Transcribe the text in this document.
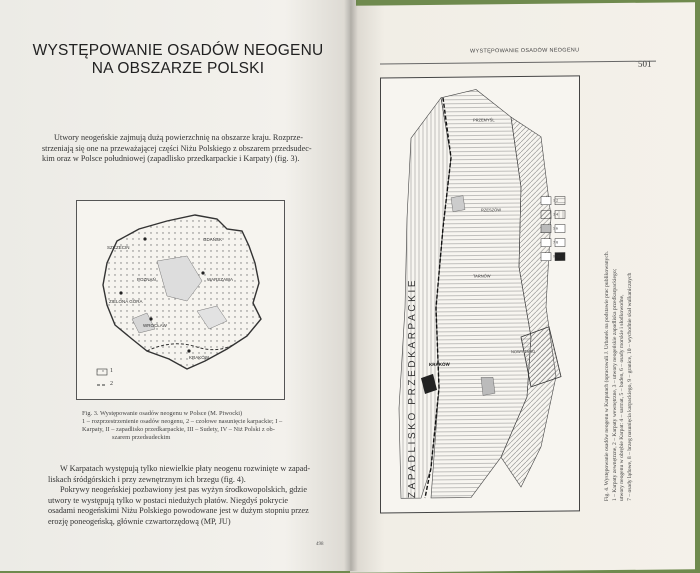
WYSTĘPOWANIE OSADÓW NEOGENU
NA OBSZARZE POLSKI
Utwory neogeńskie zajmują dużą powierzchnię na obszarze kraju. Rozprze-
strzeniają się one na przeważającej części Niżu Polskiego z obszarem przedsudec-
kim oraz w Polsce południowej (zapadlisko przedkarpackie i Karpaty) (fig. 3).
GDAŃSK
SZCZECIN
POZNAŃ	WARSZAWA
ZIELONA GÓRA
WROCŁAW
KRAKÓW
1
2
Fig. 3. Występowanie osadów neogenu w Polsce (M. Piwocki)
1 – rozprzestrzenienie osadów neogenu, 2 – czołowe nasunięcie karpackie; I –
Karpaty, II – zapadlisko przedkarpackie, III – Sudety, IV – Niż Polski z ob-
szarem przedsudeckim
W Karpatach występują tylko niewielkie płaty neogenu rozwinięte w zapad-
liskach śródgórskich i przy zewnętrznym ich brzegu (fig. 4).
Pokrywy neogeńskiej pozbawiony jest pas wyżyn środkowopolskich, gdzie
utwory te występują tylko w postaci niedużych płatów. Niegdyś pokrycie
osadami neogeńskimi Niżu Polskiego powodowane jest w dużym stopniu przez
erozję poneogeńską, głównie czwartorzędową (MP, JU)
498
WYSTĘPOWANIE OSADÓW NEOGENU
501
ZAPADLISKO PRZEDKARPACKIE KRAKÓW
TARNÓW
RZESZÓW
PRZEMYŚL
NOWY TARG
1 2
3 4
5 6
7 8
9 10	Fig. 4. Występowanie osadów neogenu w Karpatach (opracowali J. Urbanek na podstawie prac publikowanych. 1 – Karpaty zewnętrzne, 2 – Karpaty wewnętrzne, 3 – utwory neogeńskie zapadliska przedkarpackiego; utwory neogenu w obrębie Karpat: 4 – sarmat, 5 – baden, 6 – osady morskie i słodkowodne, 7 – osady lądowe, 8 – brzeg nasunięcia karpackiego, 9 – granice, 10 – wychodnie skał wulkanicznych
